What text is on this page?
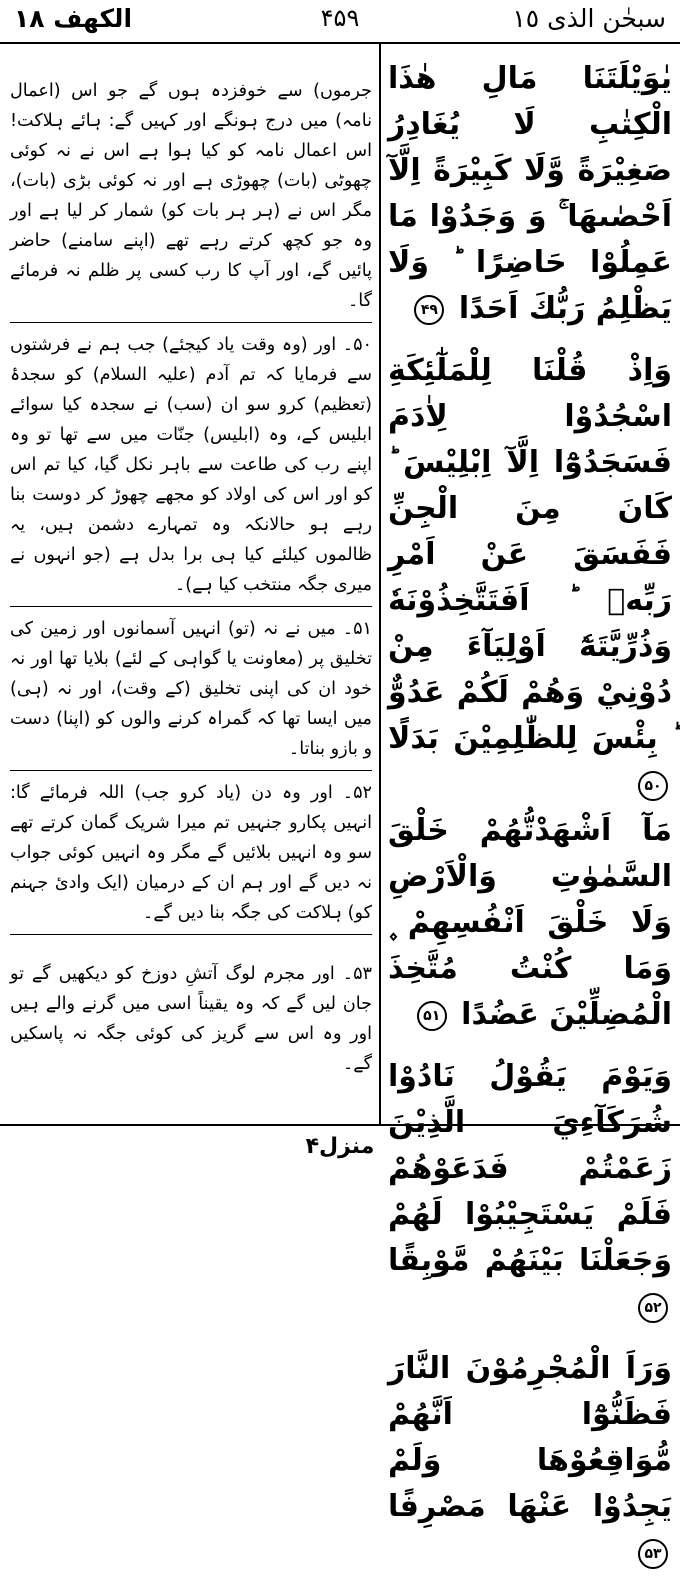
الکھف ١٨	۴۵۹	سبحٰن الذی ١٥
يٰوَيْلَتَنَا مَالِ هٰذَا الْكِتٰبِ لَا يُغَادِرُ صَغِيْرَةً وَّلَا كَبِيْرَةً اِلَّآ اَحْصٰىهَا ۚ وَ وَجَدُوْا مَا عَمِلُوْا حَاضِرًا ؕ وَلَا يَظْلِمُ رَبُّكَ اَحَدًا ۴۹
وَاِذْ قُلْنَا لِلْمَلٰٓئِكَةِ اسْجُدُوْا لِاٰدَمَ فَسَجَدُوْٓا اِلَّآ اِبْلِيْسَ ؕ كَانَ مِنَ الْجِنِّ فَفَسَقَ عَنْ اَمْرِ رَبِّهٖ ؕ اَفَتَتَّخِذُوْنَهٗ وَذُرِّيَّتَهٗٓ اَوْلِيَآءَ مِنْ دُوْنِيْ وَهُمْ لَكُمْ عَدُوٌّ ؕ بِئْسَ لِلظّٰلِمِيْنَ بَدَلًا ۵۰
مَآ اَشْهَدْتُّهُمْ خَلْقَ السَّمٰوٰتِ وَالْاَرْضِ وَلَا خَلْقَ اَنْفُسِهِمْ ۪ وَمَا كُنْتُ مُتَّخِذَ الْمُضِلِّيْنَ عَضُدًا ۵۱
وَيَوْمَ يَقُوْلُ نَادُوْا شُرَكَآءِيَ الَّذِيْنَ زَعَمْتُمْ فَدَعَوْهُمْ فَلَمْ يَسْتَجِيْبُوْا لَهُمْ وَجَعَلْنَا بَيْنَهُمْ مَّوْبِقًا ۵۲
وَرَاَ الْمُجْرِمُوْنَ النَّارَ فَظَنُّوْٓا اَنَّهُمْ مُّوَاقِعُوْهَا وَلَمْ يَجِدُوْا عَنْهَا مَصْرِفًا ۵۳

جرموں) سے خوفزدہ ہوں گے جو اس (اعمال نامہ) میں درج ہونگے اور کہیں گے: ہائے ہلاکت! اس اعمال نامہ کو کیا ہوا ہے اس نے نہ کوئی چھوٹی (بات) چھوڑی ہے اور نہ کوئی بڑی (بات)، مگر اس نے (ہر ہر بات کو) شمار کر لیا ہے اور وہ جو کچھ کرتے رہے تھے (اپنے سامنے) حاضر پائیں گے، اور آپ کا رب کسی پر ظلم نہ فرمائے گا۔

۵۰۔ اور (وہ وقت یاد کیجئے) جب ہم نے فرشتوں سے فرمایا کہ تم آدم (علیہ السلام) کو سجدۂ (تعظیم) کرو سو ان (سب) نے سجدہ کیا سوائے ابلیس کے، وہ (ابلیس) جنّات میں سے تھا تو وہ اپنے رب کی طاعت سے باہر نکل گیا، کیا تم اس کو اور اس کی اولاد کو مجھے چھوڑ کر دوست بنا رہے ہو حالانکہ وہ تمہارے دشمن ہیں، یہ ظالموں کیلئے کیا ہی برا بدل ہے (جو انہوں نے میری جگہ منتخب کیا ہے)۔

۵۱۔ میں نے نہ (تو) انہیں آسمانوں اور زمین کی تخلیق پر (معاونت یا گواہی کے لئے) بلایا تھا اور نہ خود ان کی اپنی تخلیق (کے وقت)، اور نہ (ہی) میں ایسا تھا کہ گمراہ کرنے والوں کو (اپنا) دست و بازو بناتا۔

۵۲۔ اور وہ دن (یاد کرو جب) اللہ فرمائے گا: انہیں پکارو جنہیں تم میرا شریک گمان کرتے تھے سو وہ انہیں بلائیں گے مگر وہ انہیں کوئی جواب نہ دیں گے اور ہم ان کے درمیان (ایک وادئ جہنم کو) ہلاکت کی جگہ بنا دیں گے۔

۵۳۔ اور مجرم لوگ آتشِ دوزخ کو دیکھیں گے تو جان لیں گے کہ وہ یقیناً اسی میں گرنے والے ہیں اور وہ اس سے گریز کی کوئی جگہ نہ پاسکیں گے۔

منزل۴
